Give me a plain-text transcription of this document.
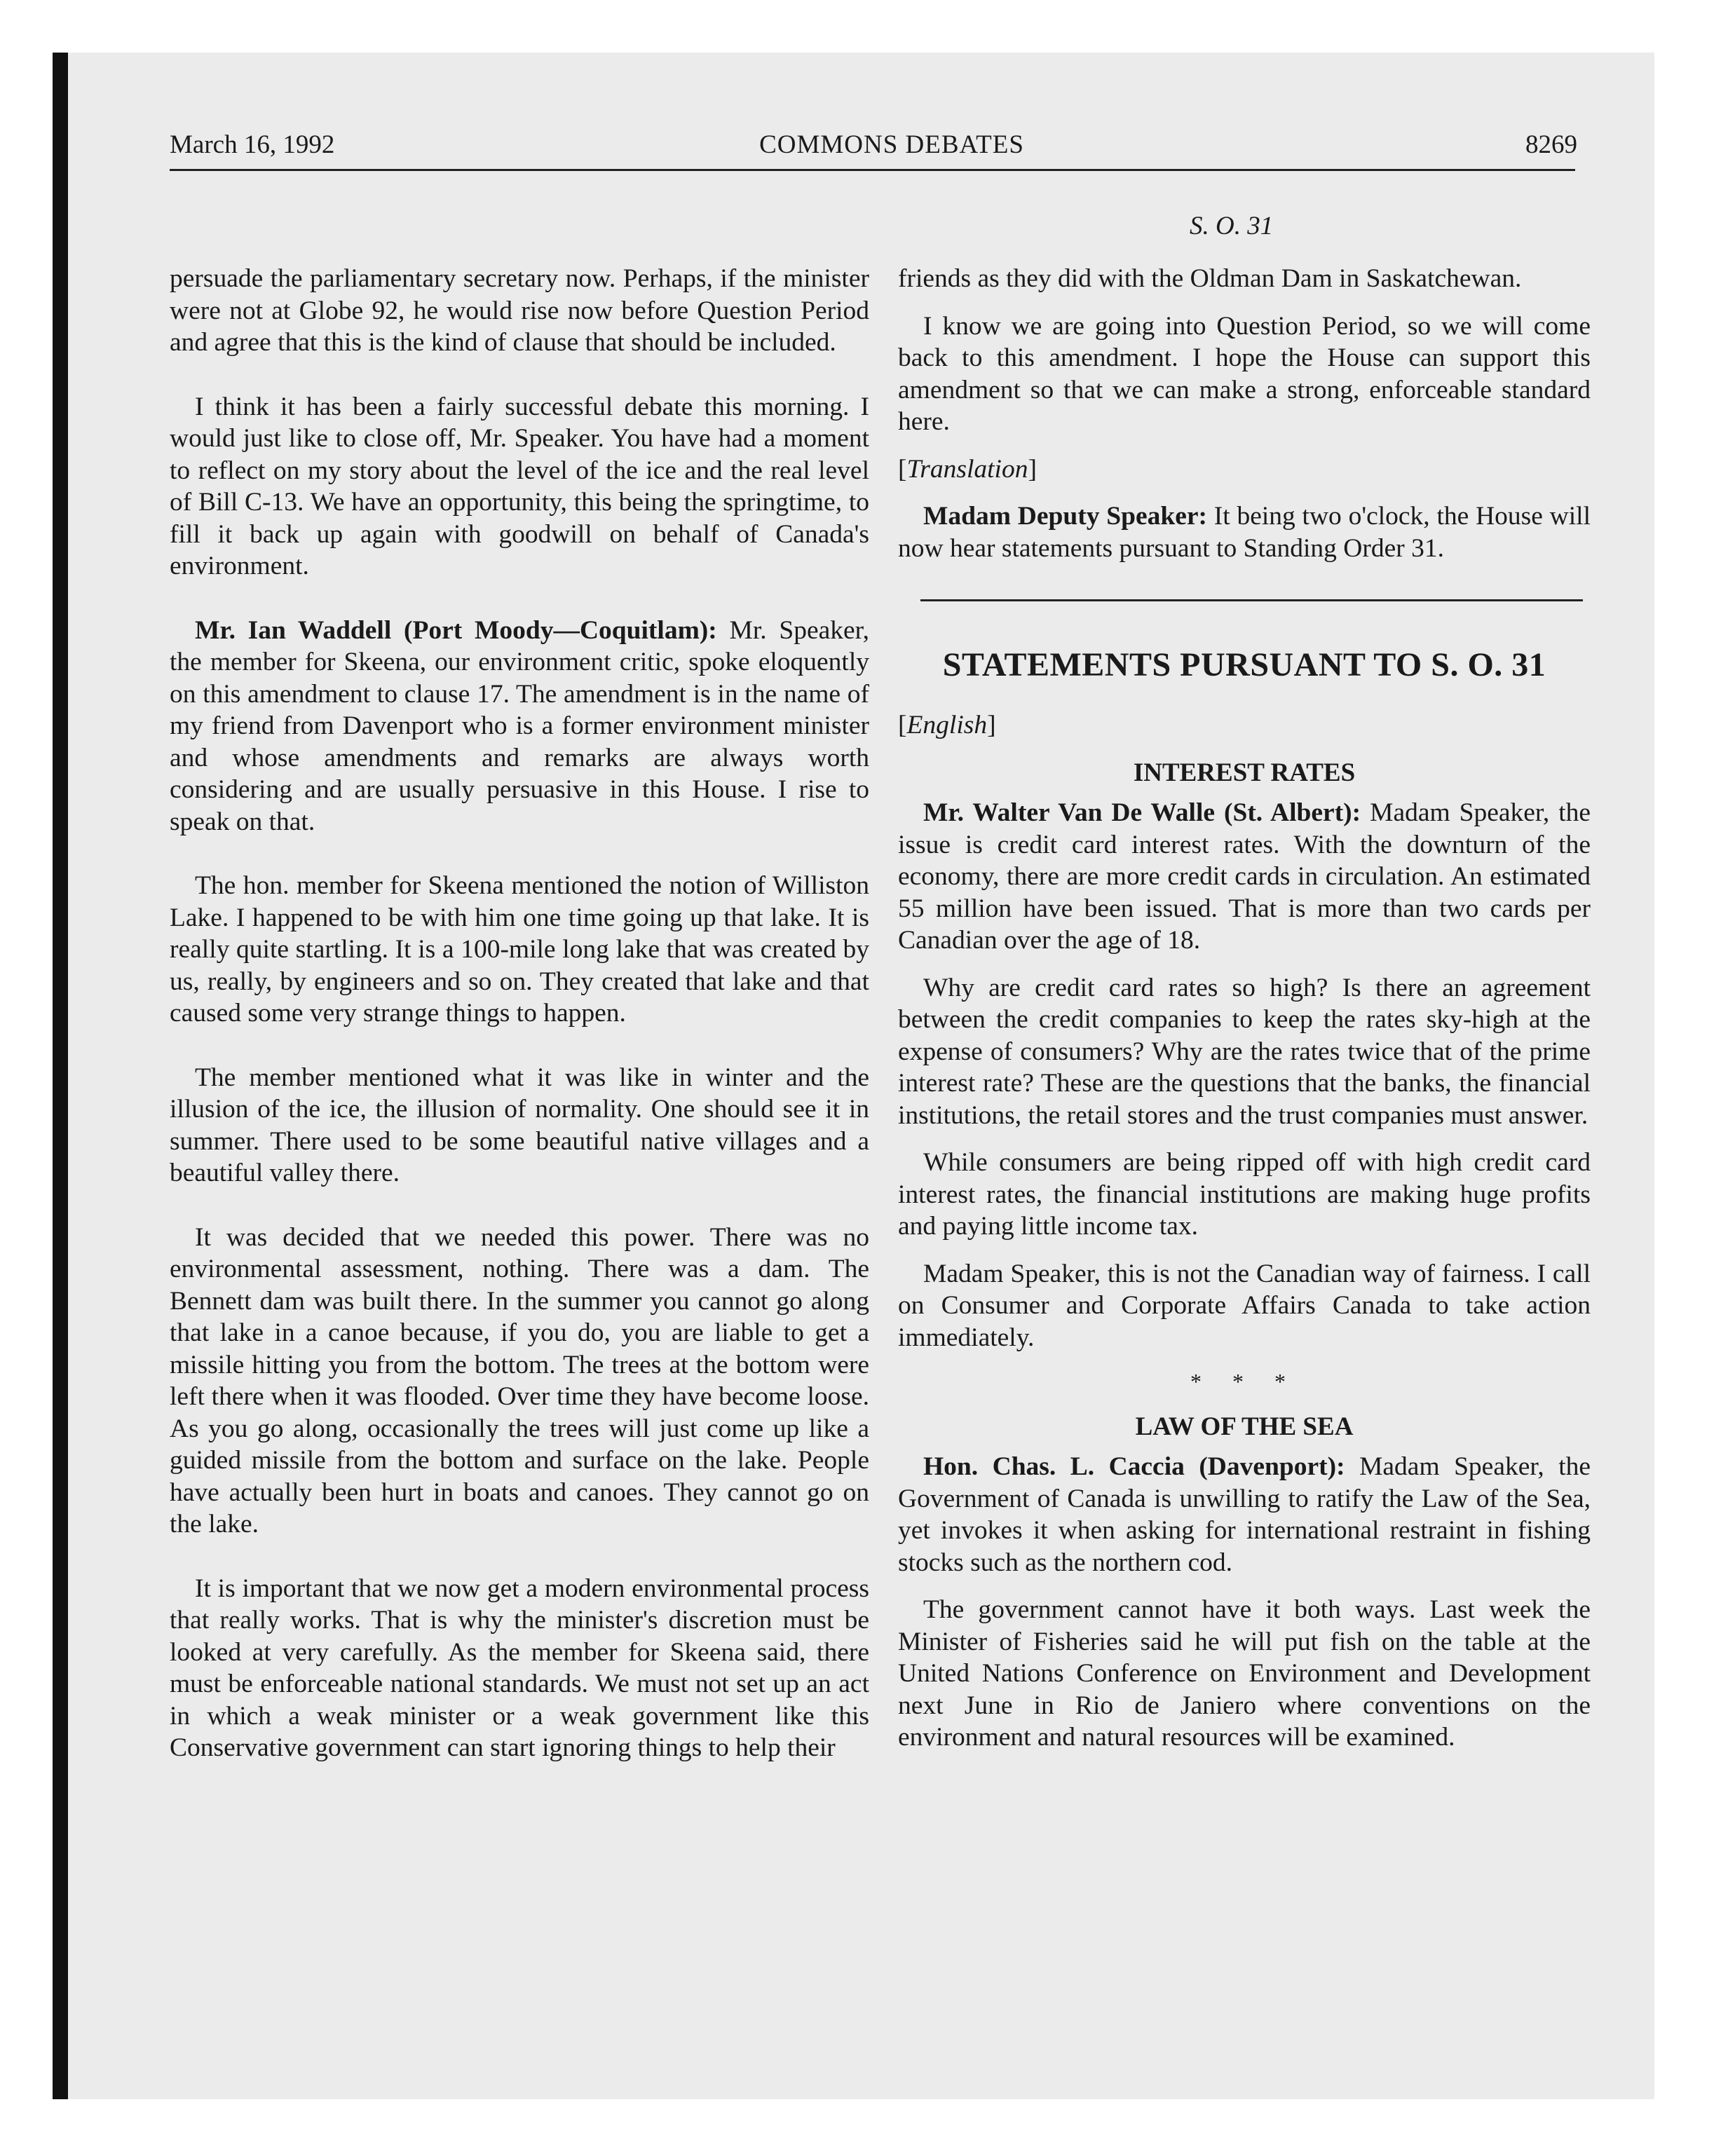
March 16, 1992	COMMONS DEBATES	8269
S. O. 31

persuade the parliamentary secretary now. Perhaps, if the minister were not at Globe 92, he would rise now before Question Period and agree that this is the kind of clause that should be included.

I think it has been a fairly successful debate this morning. I would just like to close off, Mr. Speaker. You have had a moment to reflect on my story about the level of the ice and the real level of Bill C-13. We have an opportunity, this being the springtime, to fill it back up again with goodwill on behalf of Canada's environment.

Mr. Ian Waddell (Port Moody—Coquitlam): Mr. Speaker, the member for Skeena, our environment critic, spoke eloquently on this amendment to clause 17. The amendment is in the name of my friend from Davenport who is a former environment minister and whose amendments and remarks are always worth considering and are usually persuasive in this House. I rise to speak on that.

The hon. member for Skeena mentioned the notion of Williston Lake. I happened to be with him one time going up that lake. It is really quite startling. It is a 100-mile long lake that was created by us, really, by engineers and so on. They created that lake and that caused some very strange things to happen.

The member mentioned what it was like in winter and the illusion of the ice, the illusion of normality. One should see it in summer. There used to be some beautiful native villages and a beautiful valley there.

It was decided that we needed this power. There was no environmental assessment, nothing. There was a dam. The Bennett dam was built there. In the summer you cannot go along that lake in a canoe because, if you do, you are liable to get a missile hitting you from the bottom. The trees at the bottom were left there when it was flooded. Over time they have become loose. As you go along, occasionally the trees will just come up like a guided missile from the bottom and surface on the lake. People have actually been hurt in boats and canoes. They cannot go on the lake.

It is important that we now get a modern environmental process that really works. That is why the minister's discretion must be looked at very carefully. As the member for Skeena said, there must be enforceable national standards. We must not set up an act in which a weak minister or a weak government like this Conservative government can start ignoring things to help their

friends as they did with the Oldman Dam in Saskatchewan.

I know we are going into Question Period, so we will come back to this amendment. I hope the House can support this amendment so that we can make a strong, enforceable standard here.

[Translation]

Madam Deputy Speaker: It being two o'clock, the House will now hear statements pursuant to Standing Order 31.

STATEMENTS PURSUANT TO S. O. 31

[English]

INTEREST RATES

Mr. Walter Van De Walle (St. Albert): Madam Speaker, the issue is credit card interest rates. With the downturn of the economy, there are more credit cards in circulation. An estimated 55 million have been issued. That is more than two cards per Canadian over the age of 18.

Why are credit card rates so high? Is there an agreement between the credit companies to keep the rates sky-high at the expense of consumers? Why are the rates twice that of the prime interest rate? These are the questions that the banks, the financial institutions, the retail stores and the trust companies must answer.

While consumers are being ripped off with high credit card interest rates, the financial institutions are making huge profits and paying little income tax.

Madam Speaker, this is not the Canadian way of fairness. I call on Consumer and Corporate Affairs Canada to take action immediately.

* * *
LAW OF THE SEA

Hon. Chas. L. Caccia (Davenport): Madam Speaker, the Government of Canada is unwilling to ratify the Law of the Sea, yet invokes it when asking for international restraint in fishing stocks such as the northern cod.

The government cannot have it both ways. Last week the Minister of Fisheries said he will put fish on the table at the United Nations Conference on Environment and Development next June in Rio de Janiero where conventions on the environment and natural resources will be examined.
